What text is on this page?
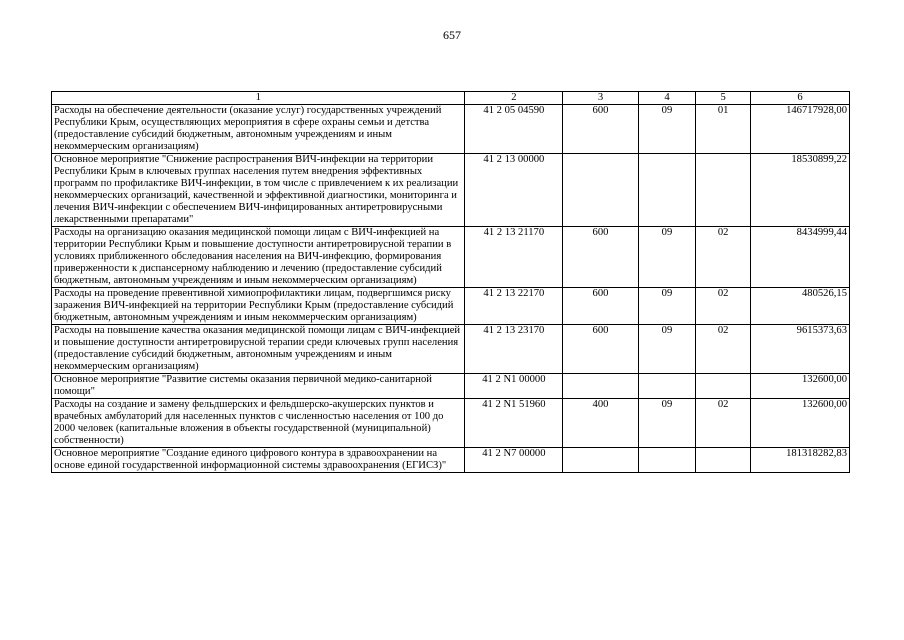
657
1	2	3	4	5	6
Расходы на обеспечение деятельности (оказание услуг) государственных учреждений Республики Крым, осуществляющих мероприятия в сфере охраны семьи и детства (предоставление субсидий бюджетным, автономным учреждениям и иным некоммерческим организациям)	41 2 05 04590	600	09	01	146717928,00
Основное мероприятие "Снижение распространения ВИЧ-инфекции на территории Республики Крым в ключевых группах населения путем внедрения эффективных программ по профилактике ВИЧ-инфекции, в том числе с привлечением к их реализации некоммерческих организаций, качественной и эффективной диагностики, мониторинга и лечения ВИЧ-инфекции с обеспечением ВИЧ-инфицированных антиретровирусными лекарственными препаратами"	41 2 13 00000				18530899,22
Расходы на организацию оказания медицинской помощи лицам с ВИЧ-инфекцией на территории Республики Крым и повышение доступности антиретровирусной терапии в условиях приближенного обследования населения на ВИЧ-инфекцию, формирования приверженности к диспансерному наблюдению и лечению (предоставление субсидий бюджетным, автономным учреждениям и иным некоммерческим организациям)	41 2 13 21170	600	09	02	8434999,44
Расходы на проведение превентивной химиопрофилактики лицам, подвергшимся риску заражения ВИЧ-инфекцией на территории Республики Крым (предоставление субсидий бюджетным, автономным учреждениям и иным некоммерческим организациям)	41 2 13 22170	600	09	02	480526,15
Расходы на повышение качества оказания медицинской помощи лицам с ВИЧ-инфекцией и повышение доступности антиретровирусной терапии среди ключевых групп населения (предоставление субсидий бюджетным, автономным учреждениям и иным некоммерческим организациям)	41 2 13 23170	600	09	02	9615373,63
Основное мероприятие "Развитие системы оказания первичной медико-санитарной помощи"	41 2 N1 00000				132600,00
Расходы на создание и замену фельдшерских и фельдшерско-акушерских пунктов и врачебных амбулаторий для населенных пунктов с численностью населения от 100 до 2000 человек (капитальные вложения в объекты государственной (муниципальной) собственности)	41 2 N1 51960	400	09	02	132600,00
Основное мероприятие "Создание единого цифрового контура в здравоохранении на основе единой государственной информационной системы здравоохранения (ЕГИСЗ)"	41 2 N7 00000				181318282,83
